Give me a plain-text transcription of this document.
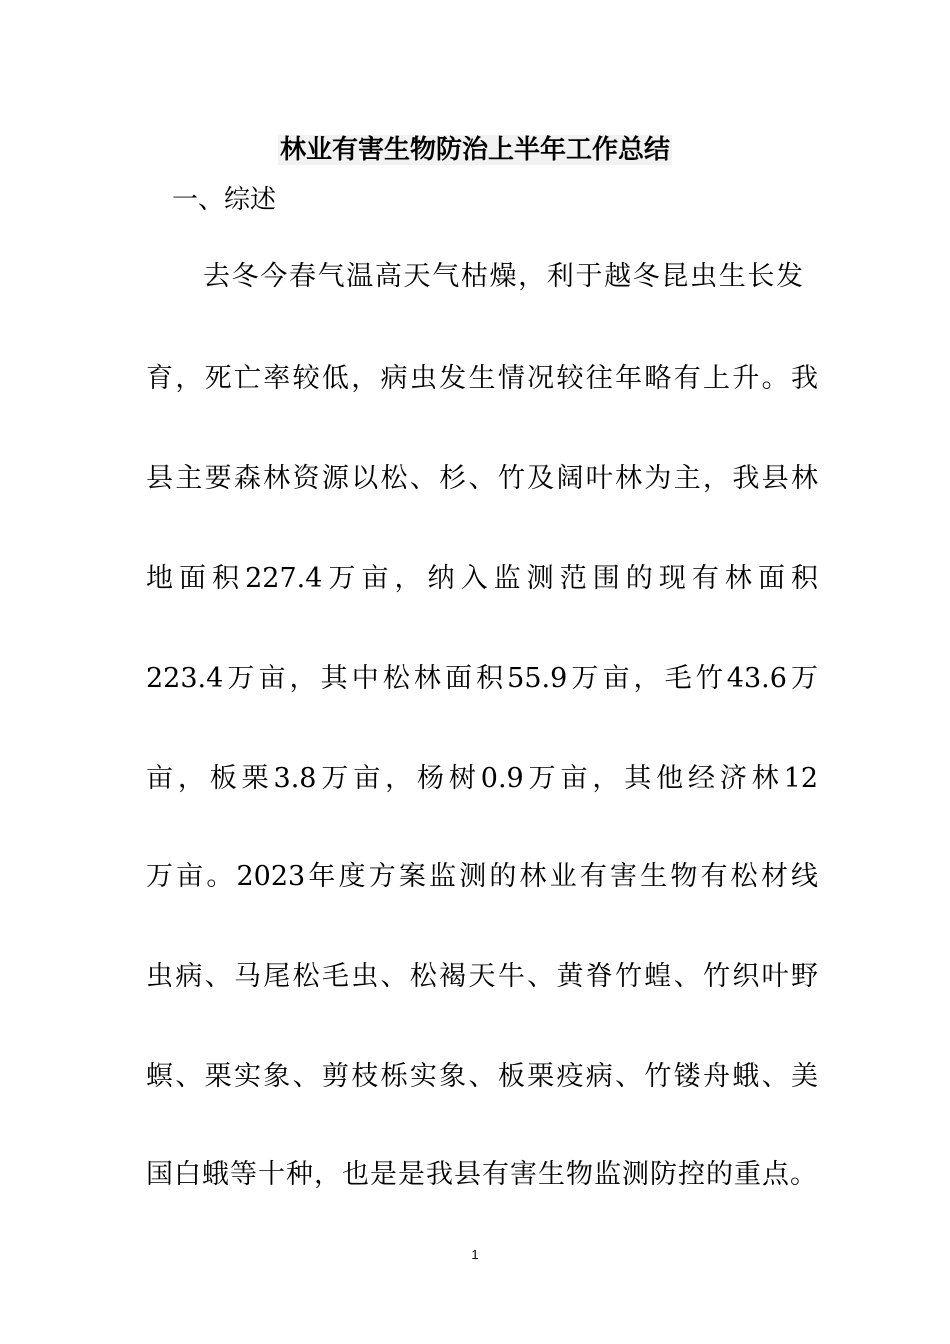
林业有害生物防治上半年工作总结
一、综述
去冬今春气温高天气枯燥，利于越冬昆虫生长发
育，死亡率较低，病虫发生情况较往年略有上升。我
县主要森林资源以松、杉、竹及阔叶林为主，我县林
地面积227.4万亩，纳入监测范围的现有林面积
223.4万亩，其中松林面积55.9万亩，毛竹43.6万
亩，板栗3.8万亩，杨树0.9万亩，其他经济林12
万亩。2023年度方案监测的林业有害生物有松材线
虫病、马尾松毛虫、松褐天牛、黄脊竹蝗、竹织叶野
螟、栗实象、剪枝栎实象、板栗疫病、竹镂舟蛾、美
国白蛾等十种，也是是我县有害生物监测防控的重点。
1
